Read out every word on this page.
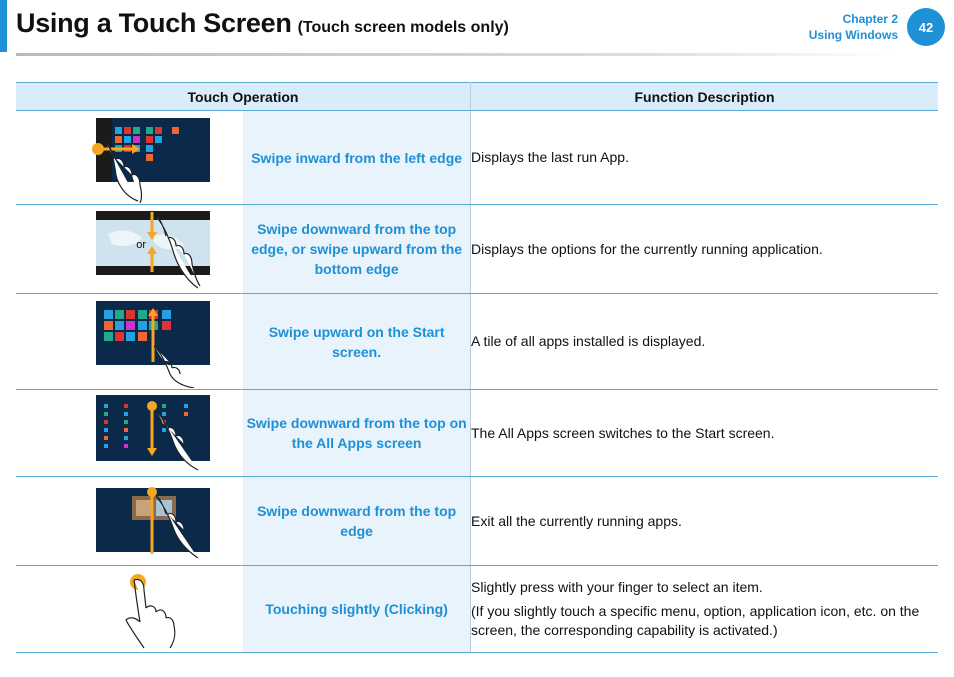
Using a Touch Screen (Touch screen models only)	Chapter 2
Using Windows
42
Touch Operation		Function Description

	Swipe inward from the left edge	Displays the last run App.

or	Swipe downward from the top edge, or swipe upward from the bottom edge	Displays the options for the currently running application.

	Swipe upward on the Start screen.	A tile of all apps installed is displayed.

	Swipe downward from the top on the All Apps screen	The All Apps screen switches to the Start screen.

	Swipe downward from the top edge	Exit all the currently running apps.

	Touching slightly (Clicking)	Slightly press with your finger to select an item.

(If you slightly touch a specific menu, option, application icon, etc. on the screen, the corresponding capability is activated.)
